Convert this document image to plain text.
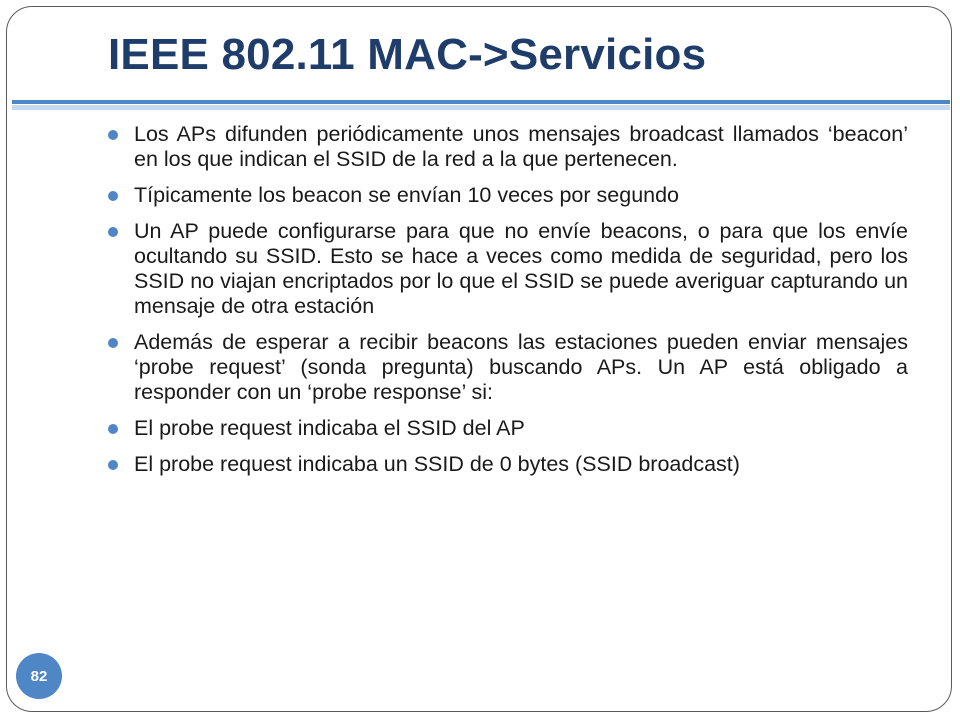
IEEE 802.11 MAC->Servicios
Los APs difunden periódicamente unos mensajes broadcast llamados ‘beacon’ en los que indican el SSID de la red a la que pertenecen.
Típicamente los beacon se envían 10 veces por segundo
Un AP puede configurarse para que no envíe beacons, o para que los envíe ocultando su SSID. Esto se hace a veces como medida de seguridad, pero los SSID no viajan encriptados por lo que el SSID se puede averiguar capturando un mensaje de otra estación
Además de esperar a recibir beacons las estaciones pueden enviar mensajes ‘probe request’ (sonda pregunta) buscando APs. Un AP está obligado a responder con un ‘probe response’ si:
El probe request indicaba el SSID del AP
El probe request indicaba un SSID de 0 bytes (SSID broadcast)
82
